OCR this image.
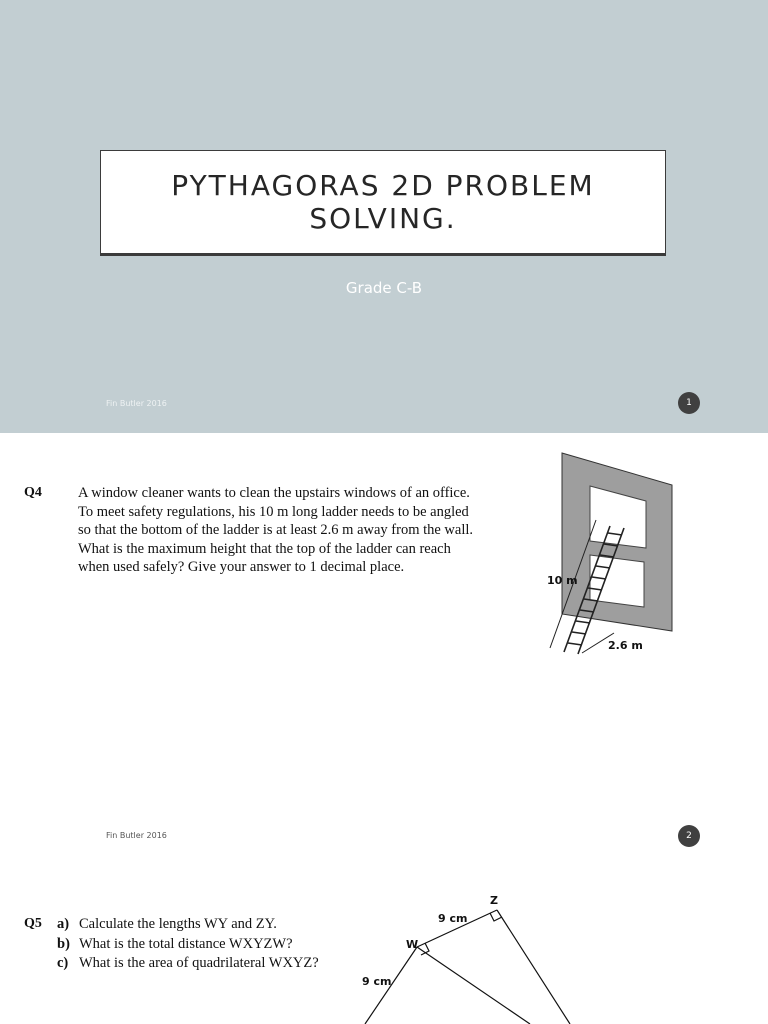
PYTHAGORAS 2D PROBLEM
SOLVING.
Grade C-B
Fin Butler 2016	1
Q4 A window cleaner wants to clean the upstairs windows of an office.
To meet safety regulations, his 10 m long ladder needs to be angled
so that the bottom of the ladder is at least 2.6 m away from the wall.
What is the maximum height that the top of the ladder can reach
when used safely? Give your answer to 1 decimal place.
10 m
2.6 m
Fin Butler 2016	2
Q5 a) Calculate the lengths WY and ZY.
b) What is the total distance WXYZW?
c) What is the area of quadrilateral WXYZ?
Z
W
9 cm
9 cm
